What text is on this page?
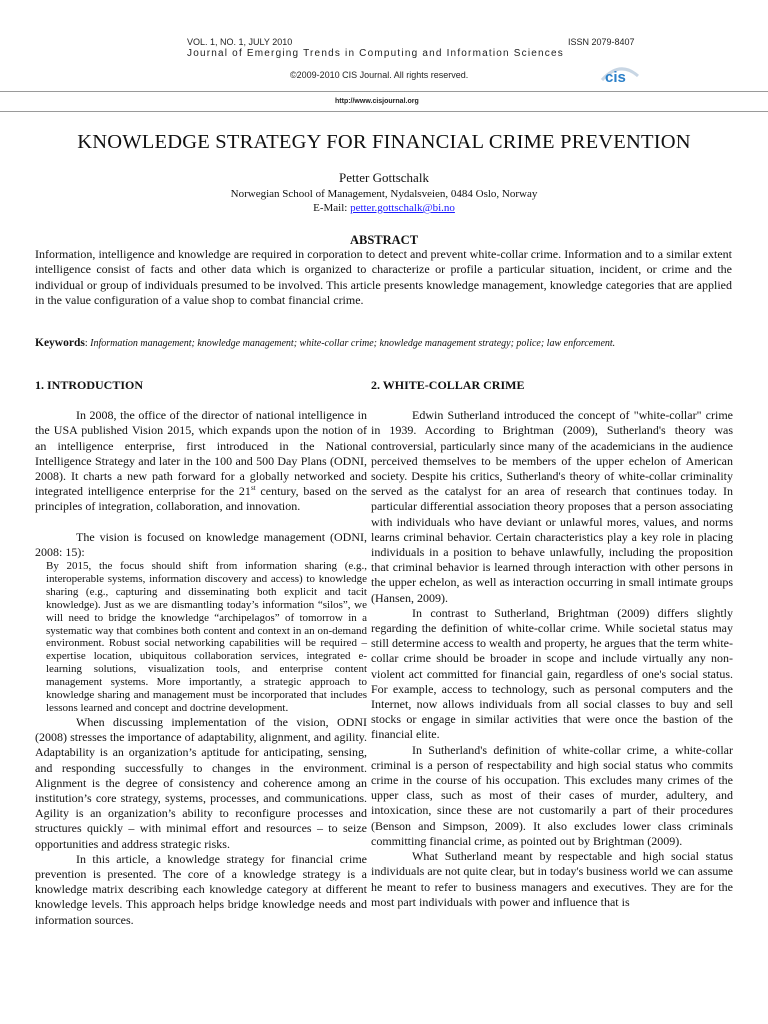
VOL. 1, NO. 1, JULY 2010	ISSN 2079-8407
Journal of Emerging Trends in Computing and Information Sciences
©2009-2010 CIS Journal. All rights reserved.	cis
http://www.cisjournal.org
KNOWLEDGE STRATEGY FOR FINANCIAL CRIME PREVENTION
Petter Gottschalk
Norwegian School of Management, Nydalsveien, 0484 Oslo, Norway
E-Mail: petter.gottschalk@bi.no
ABSTRACT

Information, intelligence and knowledge are required in corporation to detect and prevent white-collar crime. Information and to a similar extent intelligence consist of facts and other data which is organized to characterize or profile a particular situation, incident, or crime and the individual or group of individuals presumed to be involved. This article presents knowledge management, knowledge categories that are applied in the value configuration of a value shop to combat financial crime.

Keywords: Information management; knowledge management; white-collar crime; knowledge management strategy; police; law enforcement.

1. INTRODUCTION

In 2008, the office of the director of national intelligence in the USA published Vision 2015, which expands upon the notion of an intelligence enterprise, first introduced in the National Intelligence Strategy and later in the 100 and 500 Day Plans (ODNI, 2008). It charts a new path forward for a globally networked and integrated intelligence enterprise for the 21st century, based on the principles of integration, collaboration, and innovation.

The vision is focused on knowledge management (ODNI, 2008: 15):

By 2015, the focus should shift from information sharing (e.g., interoperable systems, information discovery and access) to knowledge sharing (e.g., capturing and disseminating both explicit and tacit knowledge). Just as we are dismantling today’s information “silos”, we will need to bridge the knowledge “archipelagos” of tomorrow in a systematic way that combines both content and context in an on-demand environment. Robust social networking capabilities will be required – expertise location, ubiquitous collaboration services, integrated e-learning solutions, visualization tools, and enterprise content management systems. More importantly, a strategic approach to knowledge sharing and management must be incorporated that includes lessons learned and concept and doctrine development.

When discussing implementation of the vision, ODNI (2008) stresses the importance of adaptability, alignment, and agility. Adaptability is an organization’s aptitude for anticipating, sensing, and responding successfully to changes in the environment. Alignment is the degree of consistency and coherence among an institution’s core strategy, systems, processes, and communications. Agility is an organization’s ability to reconfigure processes and structures quickly – with minimal effort and resources – to seize opportunities and address strategic risks.

In this article, a knowledge strategy for financial crime prevention is presented. The core of a knowledge strategy is a knowledge matrix describing each knowledge category at different knowledge levels. This approach helps bridge knowledge needs and information sources.

2. WHITE-COLLAR CRIME

Edwin Sutherland introduced the concept of "white-collar" crime in 1939. According to Brightman (2009), Sutherland's theory was controversial, particularly since many of the academicians in the audience perceived themselves to be members of the upper echelon of American society. Despite his critics, Sutherland's theory of white-collar criminality served as the catalyst for an area of research that continues today. In particular differential association theory proposes that a person associating with individuals who have deviant or unlawful mores, values, and norms learns criminal behavior. Certain characteristics play a key role in placing individuals in a position to behave unlawfully, including the proposition that criminal behavior is learned through interaction with other persons in the upper echelon, as well as interaction occurring in small intimate groups (Hansen, 2009).

In contrast to Sutherland, Brightman (2009) differs slightly regarding the definition of white-collar crime. While societal status may still determine access to wealth and property, he argues that the term white-collar crime should be broader in scope and include virtually any non-violent act committed for financial gain, regardless of one's social status. For example, access to technology, such as personal computers and the Internet, now allows individuals from all social classes to buy and sell stocks or engage in similar activities that were once the bastion of the financial elite.

In Sutherland's definition of white-collar crime, a white-collar criminal is a person of respectability and high social status who commits crime in the course of his occupation. This excludes many crimes of the upper class, such as most of their cases of murder, adultery, and intoxication, since these are not customarily a part of their procedures (Benson and Simpson, 2009). It also excludes lower class criminals committing financial crime, as pointed out by Brightman (2009).

What Sutherland meant by respectable and high social status individuals are not quite clear, but in today's business world we can assume he meant to refer to business managers and executives. They are for the most part individuals with power and influence that is
